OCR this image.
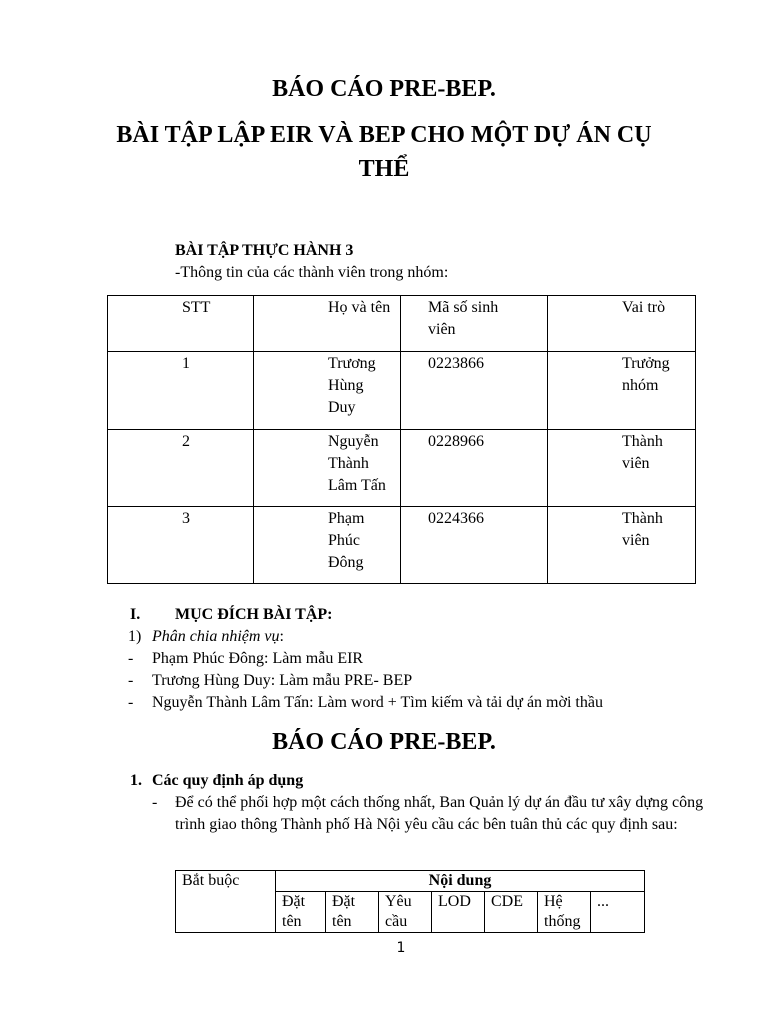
BÁO CÁO PRE-BEP.
BÀI TẬP LẬP EIR VÀ BEP CHO MỘT DỰ ÁN CỤ THỂ
BÀI TẬP THỰC HÀNH 3
-Thông tin của các thành viên trong nhóm:
STT	Họ và tên	Mã số sinh viên	Vai trò

1	Trương Hùng Duy	0223866	Trưởng nhóm

2	Nguyễn Thành Lâm Tấn	0228966	Thành viên

3	Phạm Phúc Đông	0224366	Thành viên
I. MỤC ĐÍCH BÀI TẬP:
1) Phân chia nhiệm vụ:
- Phạm Phúc Đông: Làm mẫu EIR
- Trương Hùng Duy: Làm mẫu PRE- BEP
- Nguyễn Thành Lâm Tấn: Làm word + Tìm kiếm và tải dự án mời thầu
BÁO CÁO PRE-BEP.
1. Các quy định áp dụng
- Để có thể phối hợp một cách thống nhất, Ban Quản lý dự án đầu tư xây dựng công trình giao thông Thành phố Hà Nội yêu cầu các bên tuân thủ các quy định sau:
Bắt buộc	Nội dung						
	Đặt tên	Đặt tên	Yêu cầu	LOD	CDE	Hệ thống	...
1
